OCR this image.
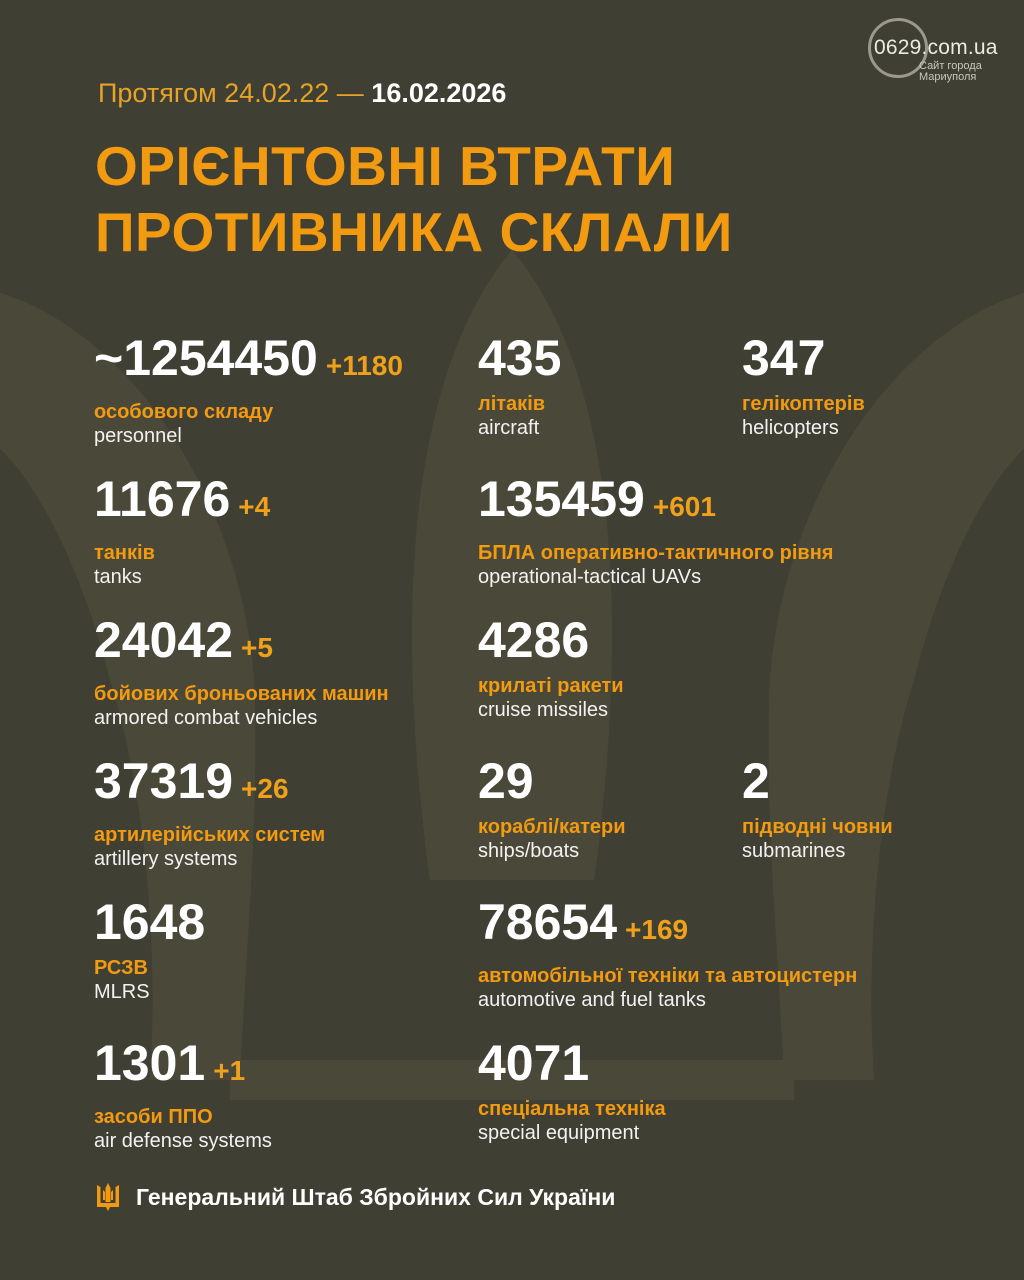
0629.com.ua
Сайт города
Мариуполя
Протягом 24.02.22 — 16.02.2026
ОРІЄНТОВНІ ВТРАТИ
ПРОТИВНИКА СКЛАЛИ
~1254450 +1180
особового складу
personnel
435
літаків
aircraft
347
гелікоптерів
helicopters
11676 +4
танків
tanks
135459 +601
БПЛА оперативно-тактичного рівня
operational-tactical UAVs
24042 +5
бойових броньованих машин
armored combat vehicles
4286
крилаті ракети
cruise missiles
37319 +26
артилерійських систем
artillery systems
29
кораблі/катери
ships/boats
2
підводні човни
submarines
1648
РСЗВ
MLRS
78654 +169
автомобільної техніки та автоцистерн
automotive and fuel tanks
1301 +1
засоби ППО
air defense systems
4071
спеціальна техніка
special equipment
Генеральний Штаб Збройних Сил України
